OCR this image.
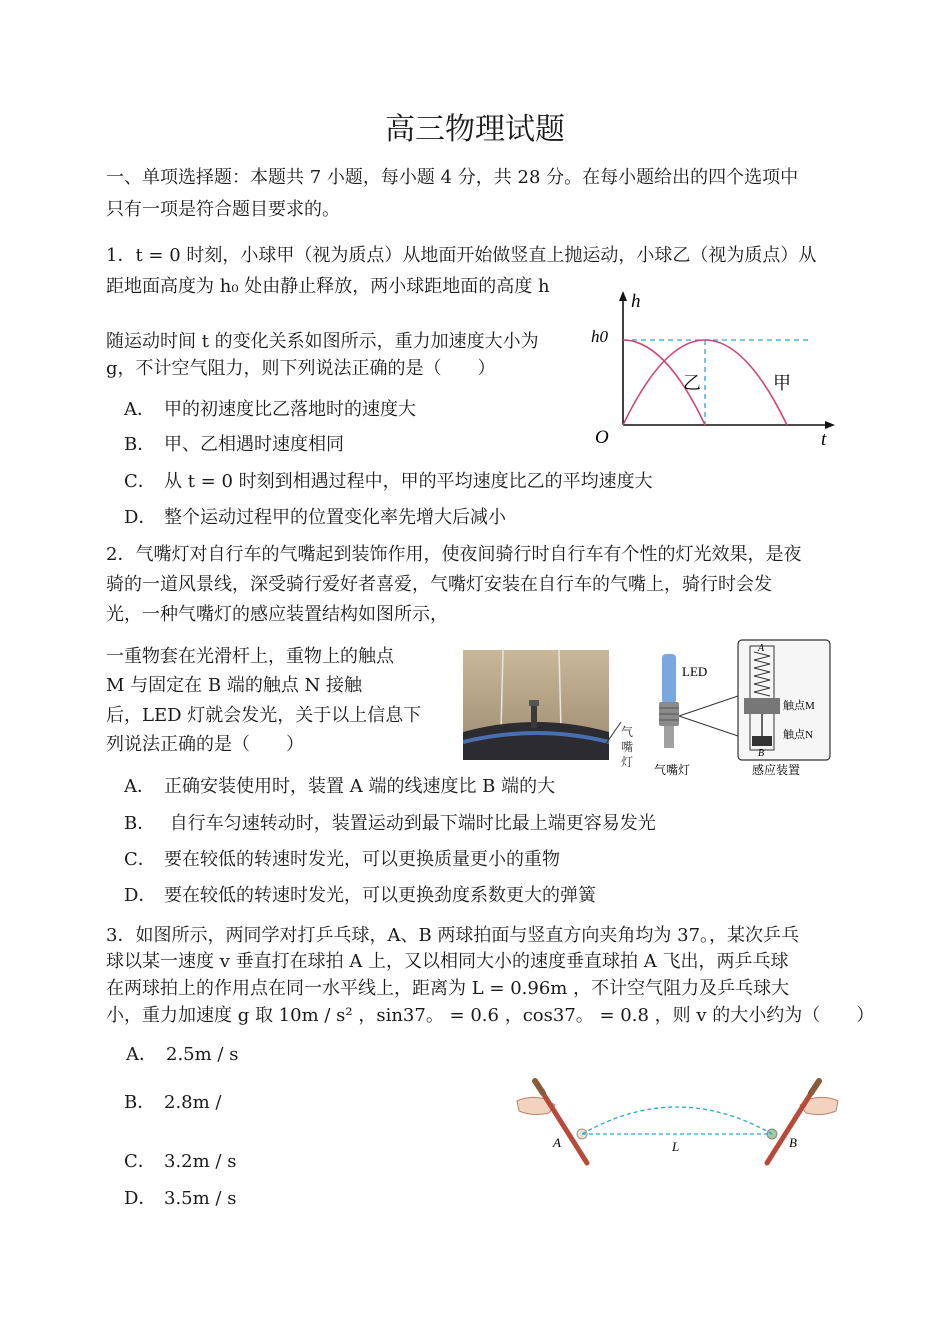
高三物理试题
一、单项选择题：本题共 7 小题，每小题 4 分，共 28 分。在每小题给出的四个选项中
只有一项是符合题目要求的。
1．t = 0 时刻，小球甲（视为质点）从地面开始做竖直上抛运动，小球乙（视为质点）从
距地面高度为 h₀ 处由静止释放，两小球距地面的高度 h
随运动时间 t 的变化关系如图所示，重力加速度大小为
g，不计空气阻力，则下列说法正确的是（　　）
A． 甲的初速度比乙落地时的速度大
B． 甲、乙相遇时速度相同
C． 从 t = 0 时刻到相遇过程中，甲的平均速度比乙的平均速度大
D． 整个运动过程甲的位置变化率先增大后减小
h
t
O
h0
乙	甲
2．气嘴灯对自行车的气嘴起到装饰作用，使夜间骑行时自行车有个性的灯光效果，是夜
骑的一道风景线，深受骑行爱好者喜爱，气嘴灯安装在自行车的气嘴上，骑行时会发
光，一种气嘴灯的感应装置结构如图所示，
一重物套在光滑杆上，重物上的触点
M 与固定在 B 端的触点 N 接触
后，LED 灯就会发光，关于以上信息下
列说法正确的是（　　）
A． 正确安装使用时，装置 A 端的线速度比 B 端的大
B． 自行车匀速转动时，装置运动到最下端时比最上端更容易发光
C． 要在较低的转速时发光，可以更换质量更小的重物
D． 要在较低的转速时发光，可以更换劲度系数更大的弹簧
气
嘴
灯
LED
气嘴灯
A
B
触点M
触点N
感应装置
3．如图所示，两同学对打乒乓球，A、B 两球拍面与竖直方向夹角均为 37。，某次乒乓
球以某一速度 v 垂直打在球拍 A 上，又以相同大小的速度垂直球拍 A 飞出，两乒乓球
在两球拍上的作用点在同一水平线上，距离为 L = 0.96m ，不计空气阻力及乒乓球大
小，重力加速度 g 取 10m / s² ，sin37。 = 0.6 ，cos37。 = 0.8 ，则 v 的大小约为（　　）
A． 2.5m / s
B． 2.8m /
C． 3.2m / s
D． 3.5m / s
A	B
L
